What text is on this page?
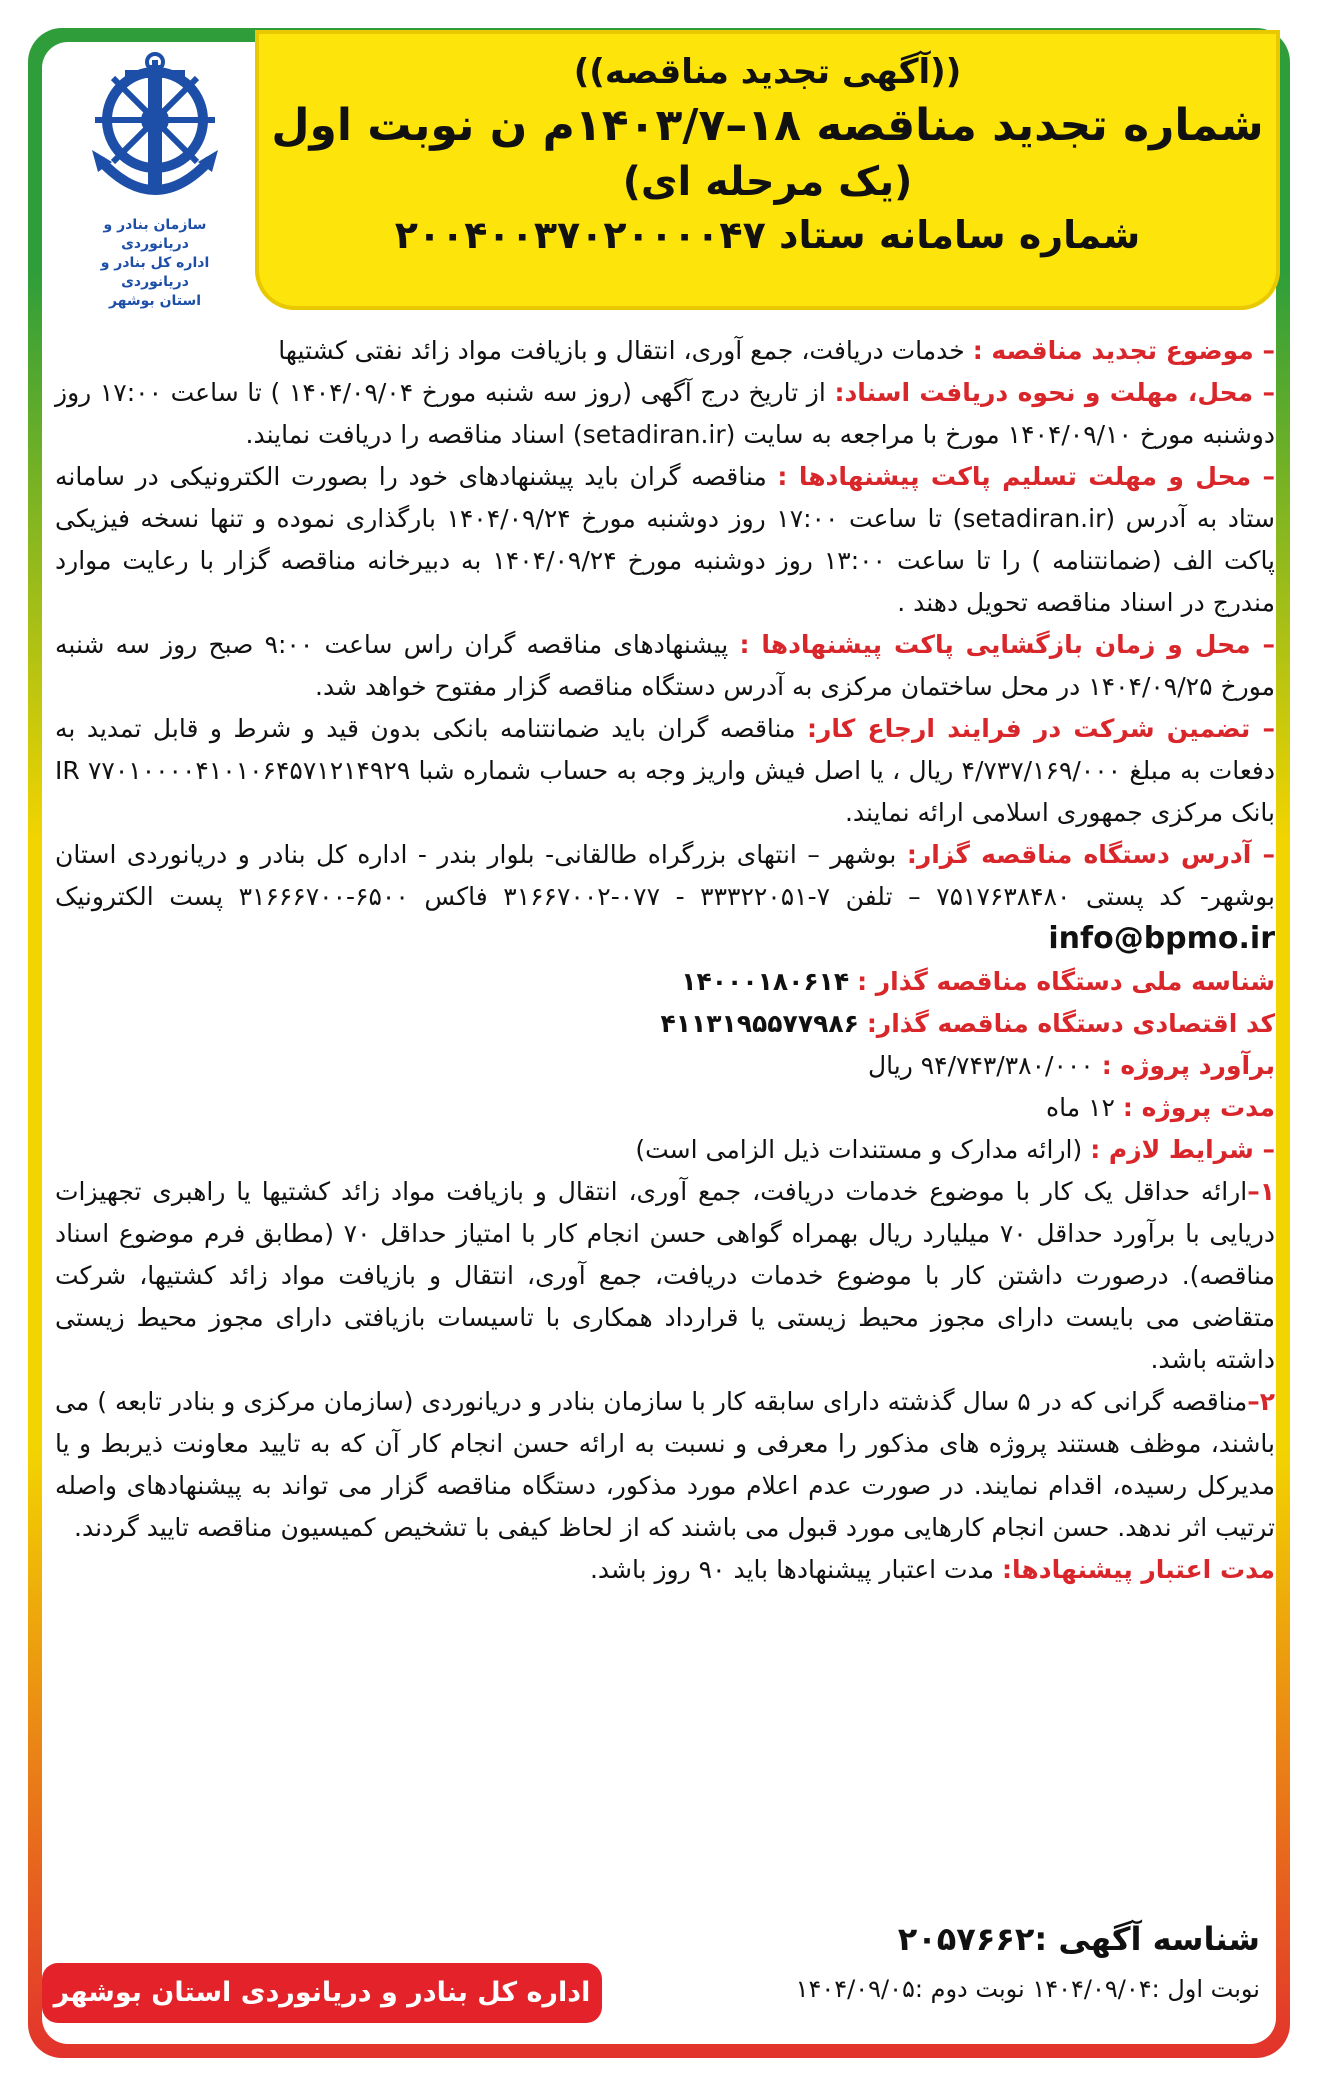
((آگهی تجدید مناقصه))

شماره تجدید مناقصه ۱۸–۱۴۰۳/۷م ن نوبت اول

(یک مرحله ای)

شماره سامانه ستاد ۲۰۰۴۰۰۳۷۰۲۰۰۰۰۴۷

سازمان بنادر و دریانوردی
اداره کل بنادر و دریانوردی
استان بوشهر

– موضوع تجدید مناقصه : خدمات دریافت، جمع آوری، انتقال و بازیافت مواد زائد نفتی کشتیها

– محل، مهلت و نحوه دریافت اسناد: از تاریخ درج آگهی (روز سه شنبه مورخ ۱۴۰۴/۰۹/۰۴ ) تا ساعت ۱۷:۰۰ روز دوشنبه مورخ ۱۴۰۴/۰۹/۱۰ مورخ با مراجعه به سایت (setadiran.ir) اسناد مناقصه را دریافت نمایند.

– محل و مهلت تسلیم پاکت پیشنهادها : مناقصه گران باید پیشنهادهای خود را بصورت الکترونیکی در سامانه ستاد به آدرس (setadiran.ir) تا ساعت ۱۷:۰۰ روز دوشنبه مورخ ۱۴۰۴/۰۹/۲۴ بارگذاری نموده و تنها نسخه فیزیکی پاکت الف (ضمانتنامه ) را تا ساعت ۱۳:۰۰ روز دوشنبه مورخ ۱۴۰۴/۰۹/۲۴ به دبیرخانه مناقصه گزار با رعایت موارد مندرج در اسناد مناقصه تحویل دهند .

– محل و زمان بازگشایی پاکت پیشنهادها : پیشنهادهای مناقصه گران راس ساعت ۹:۰۰ صبح روز سه شنبه مورخ ۱۴۰۴/۰۹/۲۵ در محل ساختمان مرکزی به آدرس دستگاه مناقصه گزار مفتوح خواهد شد.

– تضمین شرکت در فرایند ارجاع کار: مناقصه گران باید ضمانتنامه بانکی بدون قید و شرط و قابل تمدید به دفعات به مبلغ ۴/۷۳۷/۱۶۹/۰۰۰ ریال ، یا اصل فیش واریز وجه به حساب شماره شبا IR ۷۷۰۱۰۰۰۰۴۱۰۱۰۶۴۵۷۱۲۱۴۹۲۹ بانک مرکزی جمهوری اسلامی ارائه نمایند.

– آدرس دستگاه مناقصه گزار: بوشهر – انتهای بزرگراه طالقانی- بلوار بندر - اداره کل بنادر و دریانوردی استان بوشهر- کد پستی ۷۵۱۷۶۳۸۴۸۰ – تلفن ۷-۳۳۳۲۲۰۵۱ - ۰۷۷-۳۱۶۶۷۰۰۲ فاکس ۶۵۰۰-۳۱۶۶۶۷۰۰ پست الکترونیک info@bpmo.ir

شناسه ملی دستگاه مناقصه گذار : ۱۴۰۰۰۱۸۰۶۱۴

کد اقتصادی دستگاه مناقصه گذار: ۴۱۱۳۱۹۵۵۷۷۹۸۶

برآورد پروژه : ۹۴/۷۴۳/۳۸۰/۰۰۰ ریال

مدت پروژه : ۱۲ ماه

– شرایط لازم : (ارائه مدارک و مستندات ذیل الزامی است)

۱–ارائه حداقل یک کار با موضوع خدمات دریافت، جمع آوری، انتقال و بازیافت مواد زائد کشتیها یا راهبری تجهیزات دریایی با برآورد حداقل ۷۰ میلیارد ریال بهمراه گواهی حسن انجام کار با امتیاز حداقل ۷۰ (مطابق فرم موضوع اسناد مناقصه). درصورت داشتن کار با موضوع خدمات دریافت، جمع آوری، انتقال و بازیافت مواد زائد کشتیها، شرکت متقاضی می بایست دارای مجوز محیط زیستی یا قرارداد همکاری با تاسیسات بازیافتی دارای مجوز محیط زیستی داشته باشد.

۲–مناقصه گرانی که در ۵ سال گذشته دارای سابقه کار با سازمان بنادر و دریانوردی (سازمان مرکزی و بنادر تابعه ) می باشند، موظف هستند پروژه های مذکور را معرفی و نسبت به ارائه حسن انجام کار آن که به تایید معاونت ذیربط و یا مدیرکل رسیده، اقدام نمایند. در صورت عدم اعلام مورد مذکور، دستگاه مناقصه گزار می تواند به پیشنهادهای واصله ترتیب اثر ندهد. حسن انجام کارهایی مورد قبول می باشند که از لحاظ کیفی با تشخیص کمیسیون مناقصه تایید گردند.

مدت اعتبار پیشنهادها: مدت اعتبار پیشنهادها باید ۹۰ روز باشد.

شناسه آگهی :۲۰۵۷۶۶۲
نوبت اول :۱۴۰۴/۰۹/۰۴ نوبت دوم :۱۴۰۴/۰۹/۰۵
اداره کل بنادر و دریانوردی استان بوشهر
